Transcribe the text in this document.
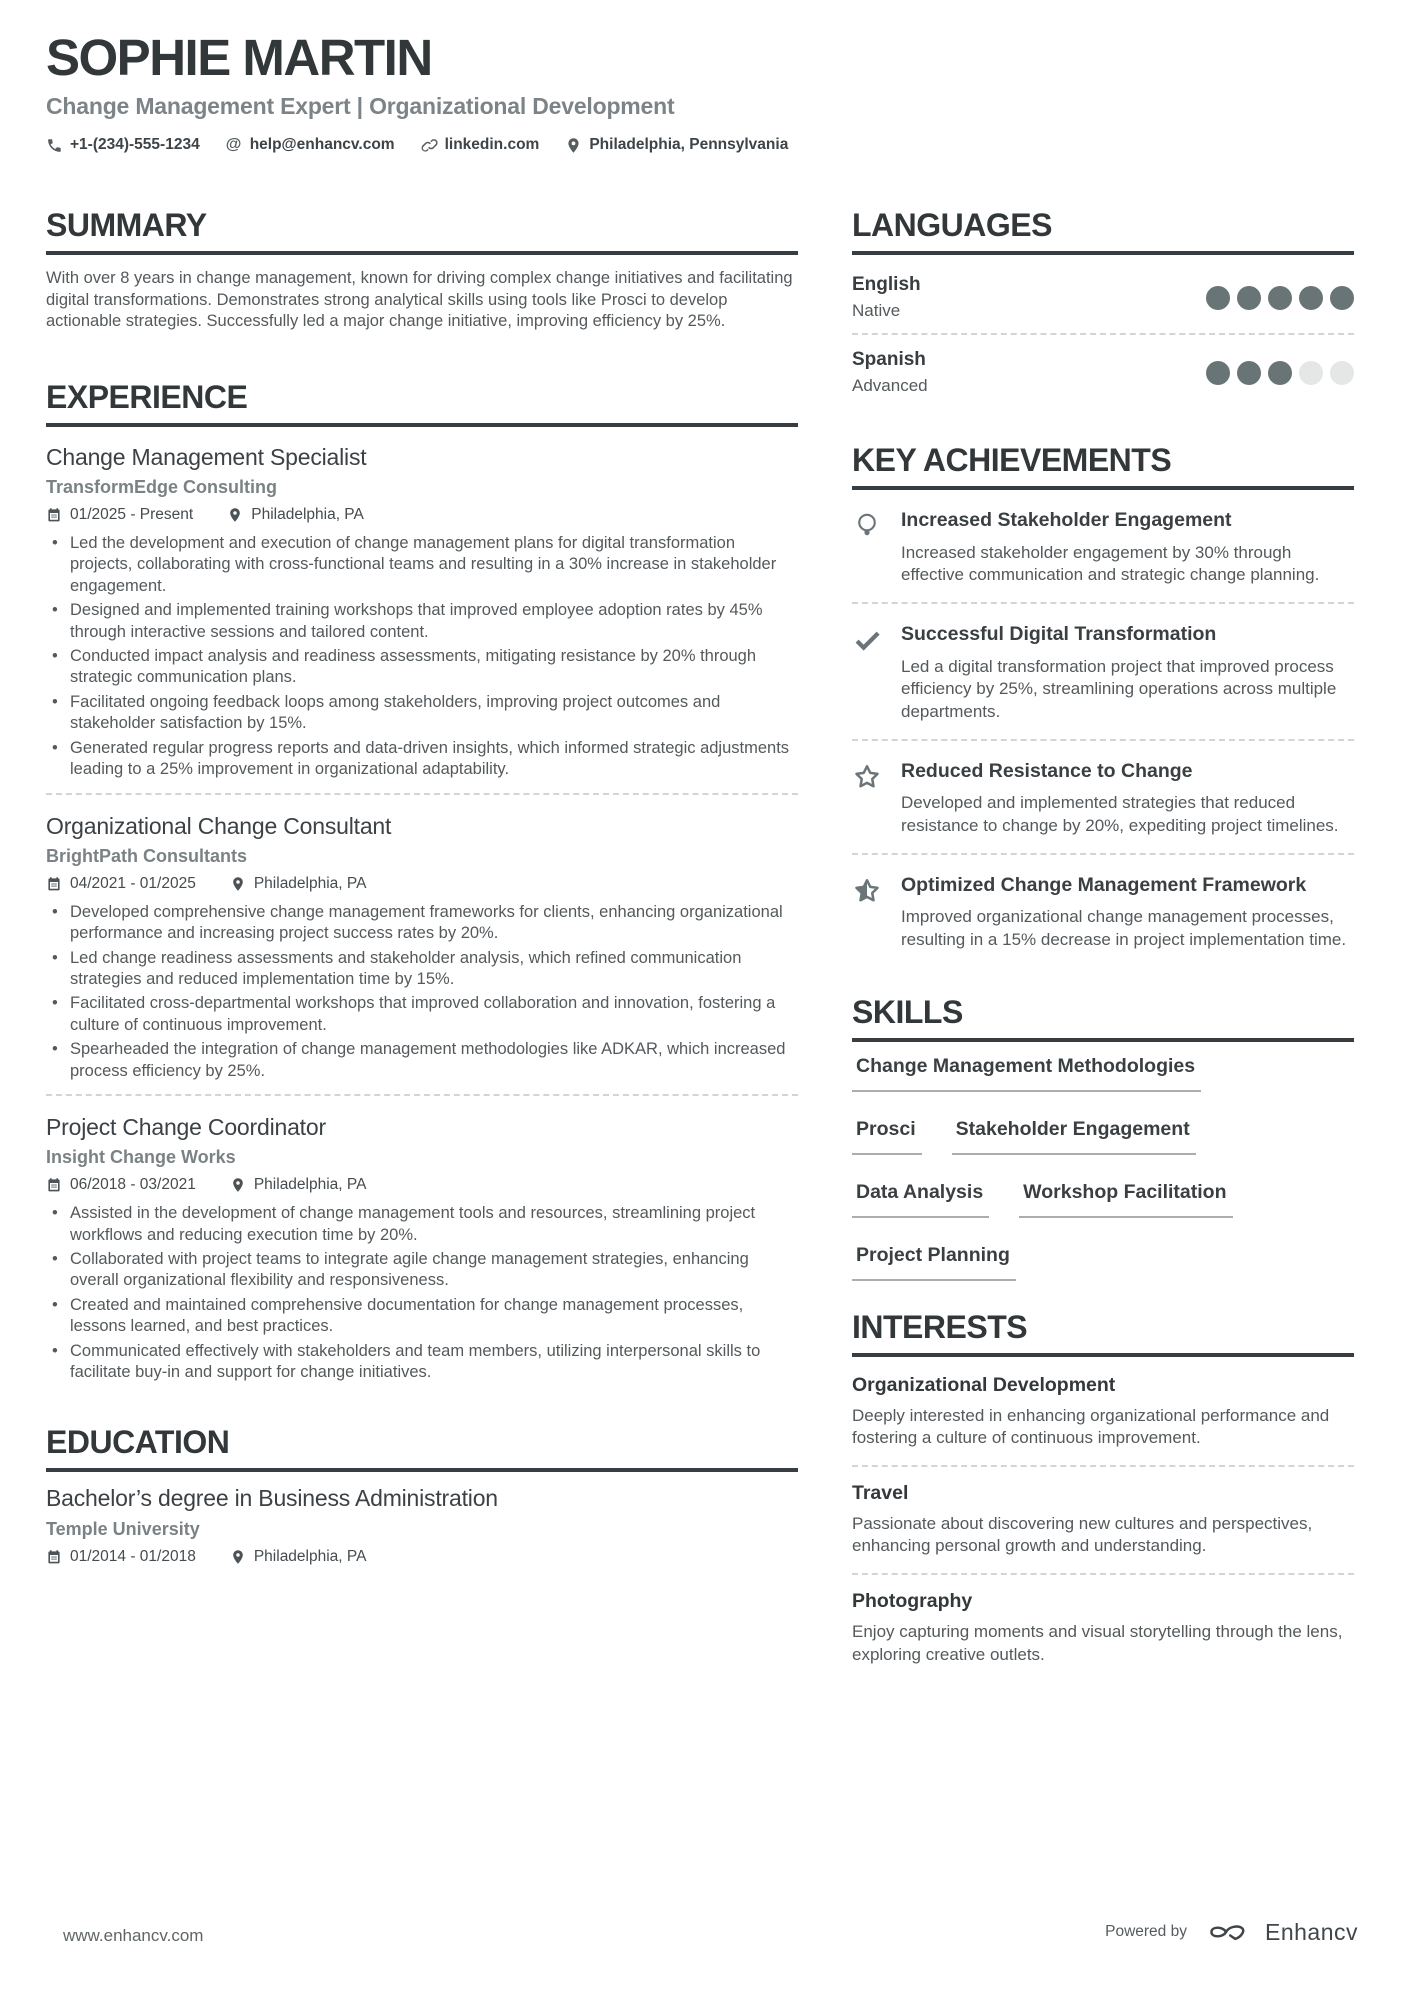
SOPHIE MARTIN
Change Management Expert | Organizational Development
+1-(234)-555-1234 @ help@enhancv.com	linkedin.com	Philadelphia, Pennsylvania
SUMMARY
With over 8 years in change management, known for driving complex change initiatives and facilitating digital transformations. Demonstrates strong analytical skills using tools like Prosci to develop actionable strategies. Successfully led a major change initiative, improving efficiency by 25%.
EXPERIENCE
Change Management Specialist
TransformEdge Consulting
01/2025 - Present	Philadelphia, PA
• Led the development and execution of change management plans for digital transformation projects, collaborating with cross-functional teams and resulting in a 30% increase in stakeholder engagement.
• Designed and implemented training workshops that improved employee adoption rates by 45% through interactive sessions and tailored content.
• Conducted impact analysis and readiness assessments, mitigating resistance by 20% through strategic communication plans.
• Facilitated ongoing feedback loops among stakeholders, improving project outcomes and stakeholder satisfaction by 15%.
• Generated regular progress reports and data-driven insights, which informed strategic adjustments leading to a 25% improvement in organizational adaptability.
Organizational Change Consultant
BrightPath Consultants
04/2021 - 01/2025	Philadelphia, PA
• Developed comprehensive change management frameworks for clients, enhancing organizational performance and increasing project success rates by 20%.
• Led change readiness assessments and stakeholder analysis, which refined communication strategies and reduced implementation time by 15%.
• Facilitated cross-departmental workshops that improved collaboration and innovation, fostering a culture of continuous improvement.
• Spearheaded the integration of change management methodologies like ADKAR, which increased process efficiency by 25%.
Project Change Coordinator
Insight Change Works
06/2018 - 03/2021	Philadelphia, PA
• Assisted in the development of change management tools and resources, streamlining project workflows and reducing execution time by 20%.
• Collaborated with project teams to integrate agile change management strategies, enhancing overall organizational flexibility and responsiveness.
• Created and maintained comprehensive documentation for change management processes, lessons learned, and best practices.
• Communicated effectively with stakeholders and team members, utilizing interpersonal skills to facilitate buy-in and support for change initiatives.
EDUCATION
Bachelor’s degree in Business Administration
Temple University
01/2014 - 01/2018	Philadelphia, PA
LANGUAGES
English
Native
Spanish
Advanced
KEY ACHIEVEMENTS
Increased Stakeholder Engagement
Increased stakeholder engagement by 30% through effective communication and strategic change planning.
Successful Digital Transformation
Led a digital transformation project that improved process efficiency by 25%, streamlining operations across multiple departments.
Reduced Resistance to Change
Developed and implemented strategies that reduced resistance to change by 20%, expediting project timelines.
Optimized Change Management Framework
Improved organizational change management processes, resulting in a 15% decrease in project implementation time.
SKILLS
Change Management Methodologies
Prosci	Stakeholder Engagement
Data Analysis	Workshop Facilitation
Project Planning
INTERESTS
Organizational Development
Deeply interested in enhancing organizational performance and fostering a culture of continuous improvement.
Travel
Passionate about discovering new cultures and perspectives, enhancing personal growth and understanding.
Photography
Enjoy capturing moments and visual storytelling through the lens, exploring creative outlets.
www.enhancv.com	Powered by	Enhancv
